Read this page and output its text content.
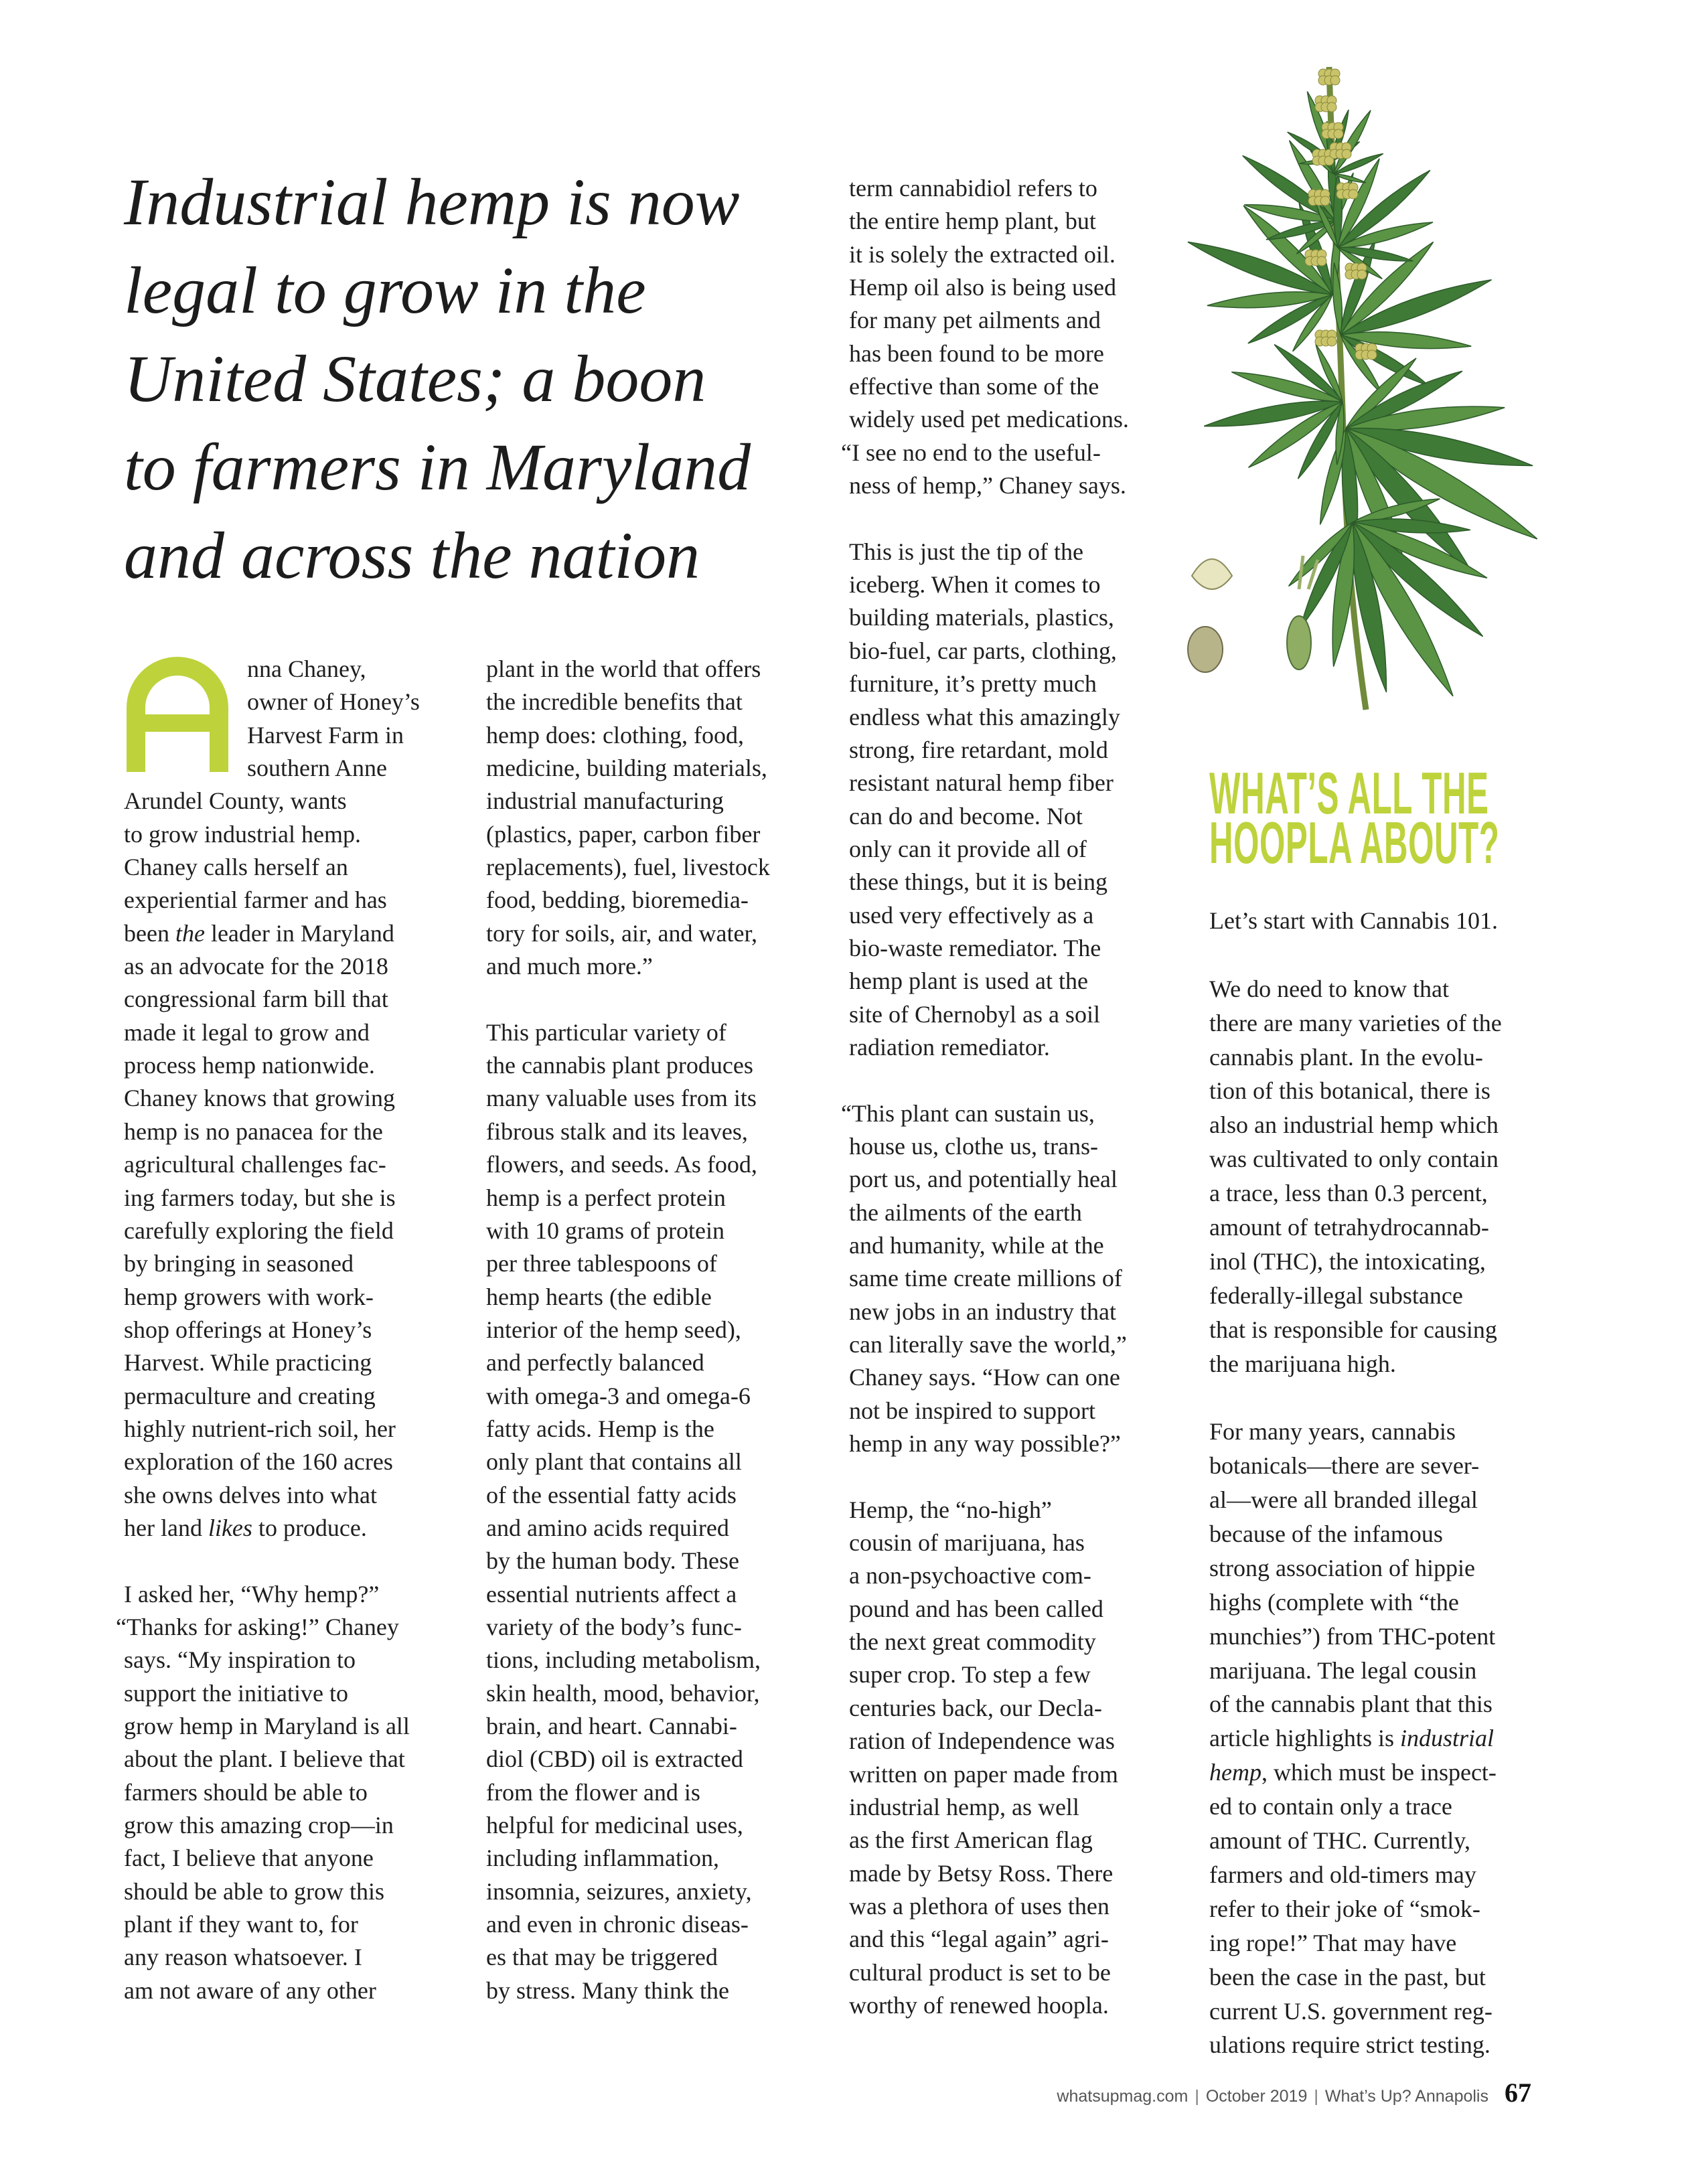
Industrial hemp is now
legal to grow in the
United States; a boon
to farmers in Maryland
and across the nation
nna Chaney,
owner of Honey’s
Harvest Farm in
southern Anne
Arundel County, wants
to grow industrial hemp.
Chaney calls herself an
experiential farmer and has
been the leader in Maryland
as an advocate for the 2018
congressional farm bill that
made it legal to grow and
process hemp nationwide.
Chaney knows that growing
hemp is no panacea for the
agricultural challenges fac-
ing farmers today, but she is
carefully exploring the field
by bringing in seasoned
hemp growers with work-
shop offerings at Honey’s
Harvest. While practicing
permaculture and creating
highly nutrient-rich soil, her
exploration of the 160 acres
she owns delves into what
her land likes to produce.
I asked her, “Why hemp?”
“Thanks for asking!” Chaney
says. “My inspiration to
support the initiative to
grow hemp in Maryland is all
about the plant. I believe that
farmers should be able to
grow this amazing crop—in
fact, I believe that anyone
should be able to grow this
plant if they want to, for
any reason whatsoever. I
am not aware of any other
plant in the world that offers
the incredible benefits that
hemp does: clothing, food,
medicine, building materials,
industrial manufacturing
(plastics, paper, carbon fiber
replacements), fuel, livestock
food, bedding, bioremedia-
tory for soils, air, and water,
and much more.”
This particular variety of
the cannabis plant produces
many valuable uses from its
fibrous stalk and its leaves,
flowers, and seeds. As food,
hemp is a perfect protein
with 10 grams of protein
per three tablespoons of
hemp hearts (the edible
interior of the hemp seed),
and perfectly balanced
with omega-3 and omega-6
fatty acids. Hemp is the
only plant that contains all
of the essential fatty acids
and amino acids required
by the human body. These
essential nutrients affect a
variety of the body’s func-
tions, including metabolism,
skin health, mood, behavior,
brain, and heart. Cannabi-
diol (CBD) oil is extracted
from the flower and is
helpful for medicinal uses,
including inflammation,
insomnia, seizures, anxiety,
and even in chronic diseas-
es that may be triggered
by stress. Many think the
term cannabidiol refers to
the entire hemp plant, but
it is solely the extracted oil.
Hemp oil also is being used
for many pet ailments and
has been found to be more
effective than some of the
widely used pet medications.
“I see no end to the useful-
ness of hemp,” Chaney says.
This is just the tip of the
iceberg. When it comes to
building materials, plastics,
bio-fuel, car parts, clothing,
furniture, it’s pretty much
endless what this amazingly
strong, fire retardant, mold
resistant natural hemp fiber
can do and become. Not
only can it provide all of
these things, but it is being
used very effectively as a
bio-waste remediator. The
hemp plant is used at the
site of Chernobyl as a soil
radiation remediator.
“This plant can sustain us,
house us, clothe us, trans-
port us, and potentially heal
the ailments of the earth
and humanity, while at the
same time create millions of
new jobs in an industry that
can literally save the world,”
Chaney says. “How can one
not be inspired to support
hemp in any way possible?”
Hemp, the “no-high”
cousin of marijuana, has
a non-psychoactive com-
pound and has been called
the next great commodity
super crop. To step a few
centuries back, our Decla-
ration of Independence was
written on paper made from
industrial hemp, as well
as the first American flag
made by Betsy Ross. There
was a plethora of uses then
and this “legal again” agri-
cultural product is set to be
worthy of renewed hoopla.
Let’s start with Cannabis 101.
We do need to know that
there are many varieties of the
cannabis plant. In the evolu-
tion of this botanical, there is
also an industrial hemp which
was cultivated to only contain
a trace, less than 0.3 percent,
amount of tetrahydrocannab-
inol (THC), the intoxicating,
federally-illegal substance
that is responsible for causing
the marijuana high.
For many years, cannabis
botanicals—there are sever-
al—were all branded illegal
because of the infamous
strong association of hippie
highs (complete with “the
munchies”) from THC-potent
marijuana. The legal cousin
of the cannabis plant that this
article highlights is industrial
hemp, which must be inspect-
ed to contain only a trace
amount of THC. Currently,
farmers and old-timers may
refer to their joke of “smok-
ing rope!” That may have
been the case in the past, but
current U.S. government reg-
ulations require strict testing.
WHAT’S ALL THE
HOOPLA ABOUT?
whatsupmag.com | October 2019 | What’s Up? Annapolis 67
